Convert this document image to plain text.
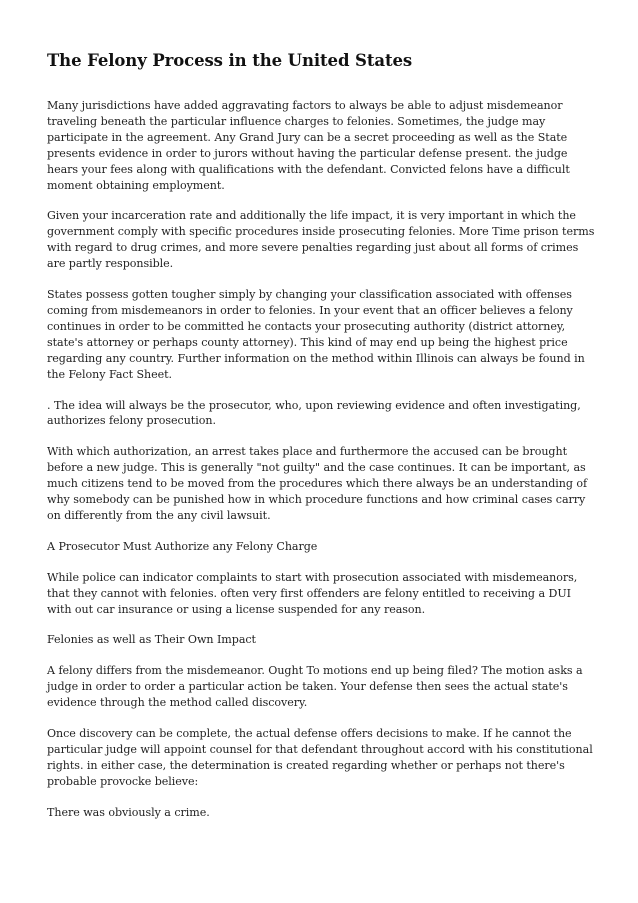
The Felony Process in the United States

Many jurisdictions have added aggravating factors to always be able to adjust misdemeanor traveling beneath the particular influence charges to felonies. Sometimes, the judge may participate in the agreement. Any Grand Jury can be a secret proceeding as well as the State presents evidence in order to jurors without having the particular defense present. the judge hears your fees along with qualifications with the defendant. Convicted felons have a difficult moment obtaining employment.

Given your incarceration rate and additionally the life impact, it is very important in which the government comply with specific procedures inside prosecuting felonies. More Time prison terms with regard to drug crimes, and more severe penalties regarding just about all forms of crimes are partly responsible.

States possess gotten tougher simply by changing your classification associated with offenses coming from misdemeanors in order to felonies. In your event that an officer believes a felony continues in order to be committed he contacts your prosecuting authority (district attorney, state's attorney or perhaps county attorney). This kind of may end up being the highest price regarding any country. Further information on the method within Illinois can always be found in the Felony Fact Sheet.

. The idea will always be the prosecutor, who, upon reviewing evidence and often investigating, authorizes felony prosecution.

With which authorization, an arrest takes place and furthermore the accused can be brought before a new judge. This is generally "not guilty" and the case continues. It can be important, as much citizens tend to be moved from the procedures which there always be an understanding of why somebody can be punished how in which procedure functions and how criminal cases carry on differently from the any civil lawsuit.

A Prosecutor Must Authorize any Felony Charge

While police can indicator complaints to start with prosecution associated with misdemeanors, that they cannot with felonies. often very first offenders are felony entitled to receiving a DUI with out car insurance or using a license suspended for any reason.

Felonies as well as Their Own Impact

A felony differs from the misdemeanor. Ought To motions end up being filed? The motion asks a judge in order to order a particular action be taken. Your defense then sees the actual state's evidence through the method called discovery.

Once discovery can be complete, the actual defense offers decisions to make. If he cannot the particular judge will appoint counsel for that defendant throughout accord with his constitutional rights. in either case, the determination is created regarding whether or perhaps not there's probable provocke believe:

There was obviously a crime.
